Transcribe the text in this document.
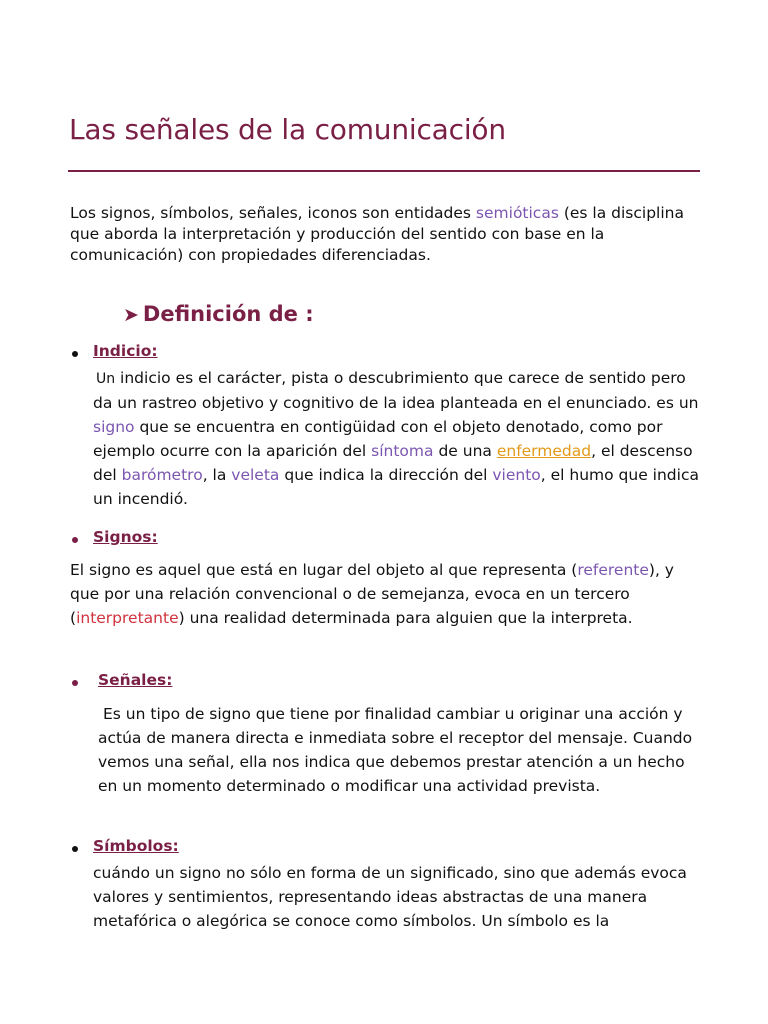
Las señales de la comunicación

Los signos, símbolos, señales, iconos son entidades semióticas (es la disciplina que aborda la interpretación y producción del sentido con base en la comunicación) con propiedades diferenciadas.

➤ Definición de :
Indicio:

Un indicio es el carácter, pista o descubrimiento que carece de sentido pero da un rastreo objetivo y cognitivo de la idea planteada en el enunciado. es un signo que se encuentra en contigüidad con el objeto denotado, como por ejemplo ocurre con la aparición del síntoma de una enfermedad, el descenso del barómetro, la veleta que indica la dirección del viento, el humo que indica un incendió.

Signos:

El signo es aquel que está en lugar del objeto al que representa (referente), y que por una relación convencional o de semejanza, evoca en un tercero (interpretante) una realidad determinada para alguien que la interpreta.

Señales:

Es un tipo de signo que tiene por finalidad cambiar u originar una acción y actúa de manera directa e inmediata sobre el receptor del mensaje. Cuando vemos una señal, ella nos indica que debemos prestar atención a un hecho en un momento determinado o modificar una actividad prevista.

Símbolos:

cuándo un signo no sólo en forma de un significado, sino que además evoca valores y sentimientos, representando ideas abstractas de una manera metafórica o alegórica se conoce como símbolos. Un símbolo es la
